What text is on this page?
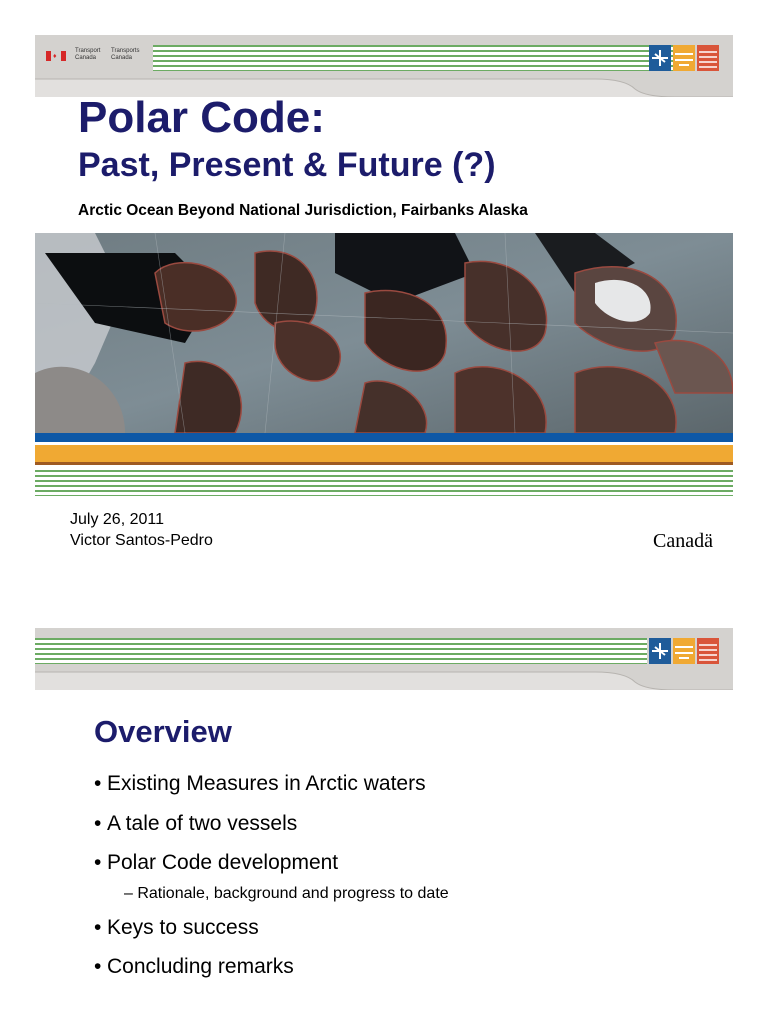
♦
Transport
Canada
Transports
Canada
Polar Code:
Past, Present & Future (?)
Arctic Ocean Beyond National Jurisdiction, Fairbanks Alaska
July 26, 2011
Victor Santos-Pedro	Canadä
Overview
• Existing Measures in Arctic waters
• A tale of two vessels
• Polar Code development
– Rationale, background and progress to date
• Keys to success
• Concluding remarks
